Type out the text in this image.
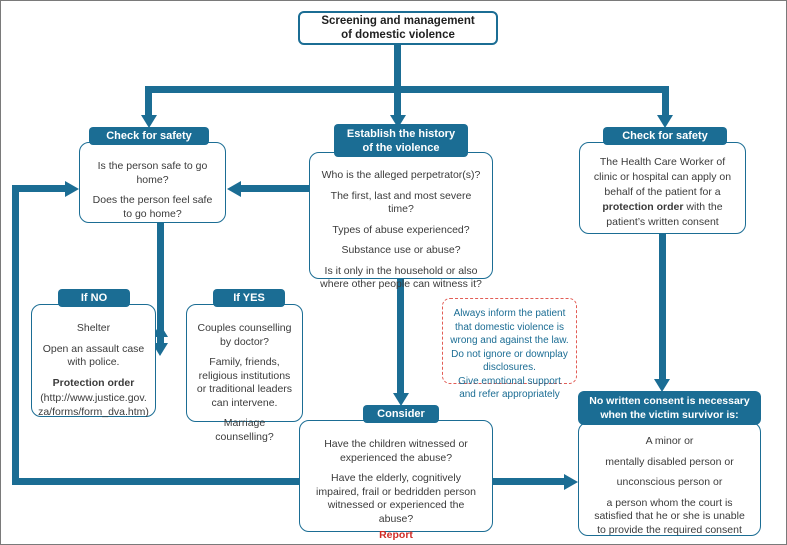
Screening and management
of domestic violence
Check for safety

Is the person safe to go home?

Does the person feel safe to go home?

Establish the history
of the violence

Who is the alleged perpetrator(s)?

The first, last and most severe time?

Types of abuse experienced?

Substance use or abuse?

Is it only in the household or also where other people can witness it?

Check for safety

The Health Care Worker of clinic or hospital can apply on behalf of the patient for a protection order with the patient’s written consent

If NO

Shelter

Open an assault case with police.

Protection order

(http://www.justice.gov.
za/forms/form_dva.htm)

If YES

Couples counselling by doctor?

Family, friends, religious institutions or traditional leaders can intervene.

Marriage counselling?

Always inform the patient that domestic violence is wrong and against the law.

Do not ignore or downplay disclosures.

Give emotional support and refer appropriately

Consider

Have the children witnessed or experienced the abuse?

Have the elderly, cognitively impaired, frail or bedridden person witnessed or experienced the abuse?

Report

No written consent is necessary
when the victim survivor is:

A minor or

mentally disabled person or

unconscious person or

a person whom the court is satisfied that he or she is unable to provide the required consent
